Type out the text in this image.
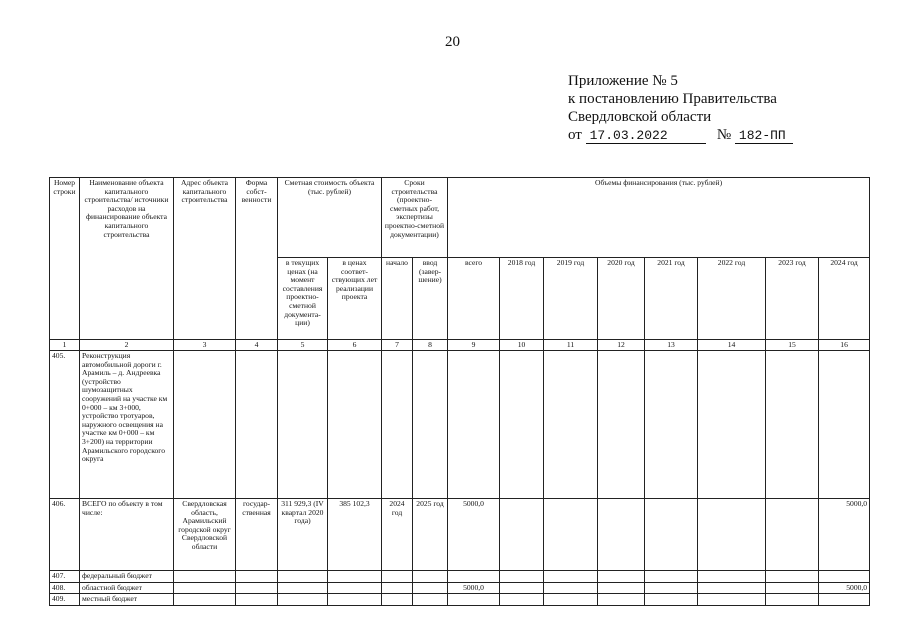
20
Приложение № 5
к постановлению Правительства
Свердловской области
от 17.03.2022	№ 182-ПП
Номер строки	Наименование объекта капитального строительства/ источники расходов на финансирование объекта капитального строительства	Адрес объекта капитального строительства	Форма собст-венности	Сметная стоимость объекта (тыс. рублей)		Сроки строительства (проектно-сметных работ, экспертизы проектно-сметной документации)		Объемы финансирования (тыс. рублей)							
				в текущих ценах (на момент составления проектно-сметной документа-ции)	в ценах соответ-ствующих лет реализации проекта	начало	ввод (завер-шение)	всего	2018 год	2019 год	2020 год	2021 год	2022 год	2023 год	2024 год
1	2	3	4	5	6	7	8	9	10	11	12	13	14	15	16
405.	Реконструкция автомобильной дороги г. Арамиль – д. Андреевка (устройство шумозащитных сооружений на участке км 0+000 – км 3+000, устройство тротуаров, наружного освещения на участке км 0+000 – км 3+200) на территории Арамильского городского округа														
406.	ВСЕГО по объекту в том числе:	Свердловская область, Арамильский городской округ Свердловской области	государ-ственная	311 929,3 (IV квартал 2020 года)	385 102,3	2024 год	2025 год	5000,0							5000,0
407.	федеральный бюджет														
408.	областной бюджет							5000,0							5000,0
409.	местный бюджет														
